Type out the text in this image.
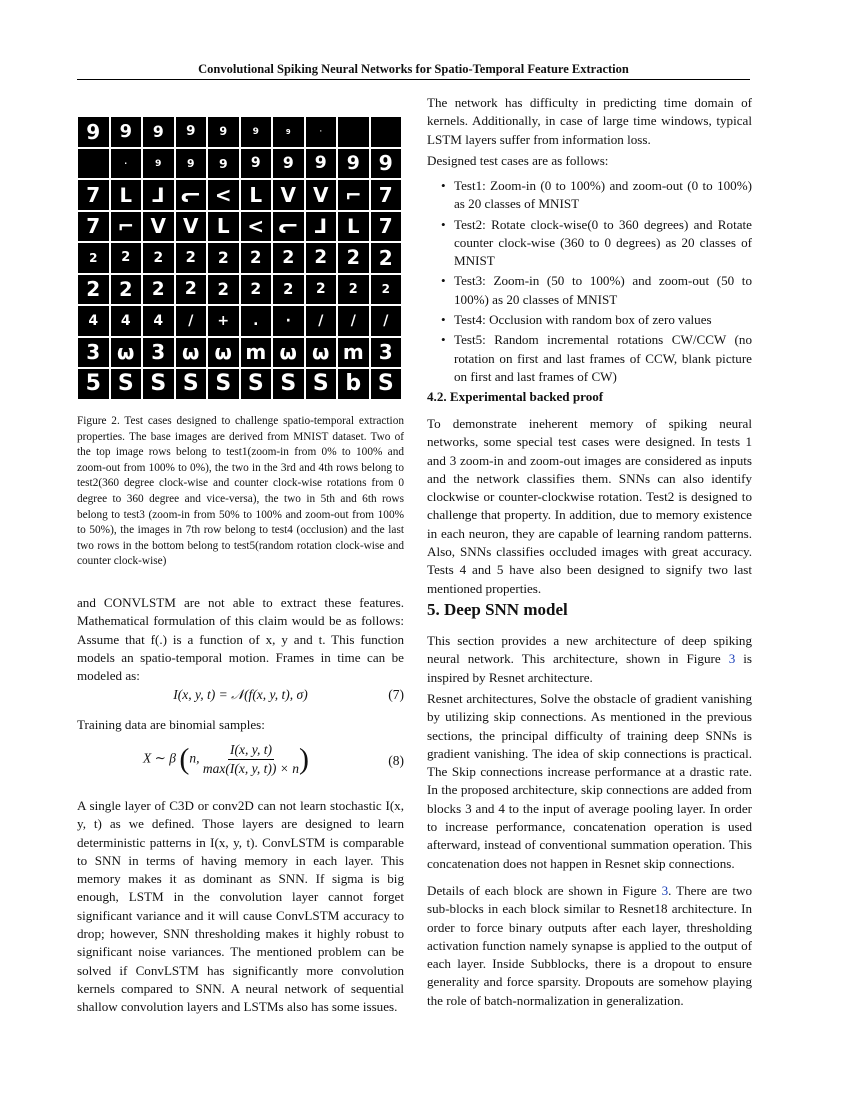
Convolutional Spiking Neural Networks for Spatio-Temporal Feature Extraction
9	9	9	9	9	9	9	·
·	9	9	9	9	9	9	9 9
7 ᒪ ᒧ ᓕ < L V V ⌐ 7
7 ⌐ V V L < ᓕ ᒧ ᒪ 7
2	2	2	2	2	2	2	2	2 2
2 2	2	2	2	2	2	2	2	2
4	4	4	/	+	.	·	/	/	/
3 ω 3 ω ω m ω ω m 3
5 S S S S S S S b S
Figure 2. Test cases designed to challenge spatio-temporal extraction properties. The base images are derived from MNIST dataset. Two of the top image rows belong to test1(zoom-in from 0% to 100% and zoom-out from 100% to 0%), the two in the 3rd and 4th rows belong to test2(360 degree clock-wise and counter clock-wise rotations from 0 degree to 360 degree and vice-versa), the two in 5th and 6th rows belong to test3 (zoom-in from 50% to 100% and zoom-out from 100% to 50%), the images in 7th row belong to test4 (occlusion) and the last two rows in the bottom belong to test5(random rotation clock-wise and counter clock-wise)

and CONVLSTM are not able to extract these features. Mathematical formulation of this claim would be as follows: Assume that f(.) is a function of x, y and t. This function models an spatio-temporal motion. Frames in time can be modeled as:

I(x, y, t) = 𝒩(f(x, y, t), σ)	(7)

Training data are binomial samples:

X ∼ β (n, $\frac{I(x, y, t)}{\max(I(x, y, t)) \times n}$ )	(8)

A single layer of C3D or conv2D can not learn stochastic I(x, y, t) as we defined. Those layers are designed to learn deterministic patterns in I(x, y, t). ConvLSTM is comparable to SNN in terms of having memory in each layer. This memory makes it as dominant as SNN. If sigma is big enough, LSTM in the convolution layer cannot forget significant variance and it will cause ConvLSTM accuracy to drop; however, SNN thresholding makes it highly robust to significant noise variances. The mentioned problem can be solved if ConvLSTM has significantly more convolution kernels compared to SNN. A neural network of sequential shallow convolution layers and LSTMs also has some issues.

The network has difficulty in predicting time domain of kernels. Additionally, in case of large time windows, typical LSTM layers suffer from information loss.

Designed test cases are as follows:

• Test1: Zoom-in (0 to 100%) and zoom-out (0 to 100%) as 20 classes of MNIST
• Test2: Rotate clock-wise(0 to 360 degrees) and Rotate counter clock-wise (360 to 0 degrees) as 20 classes of MNIST
• Test3: Zoom-in (50 to 100%) and zoom-out (50 to 100%) as 20 classes of MNIST
• Test4: Occlusion with random box of zero values
• Test5: Random incremental rotations CW/CCW (no rotation on first and last frames of CCW, blank picture on first and last frames of CW)
4.2. Experimental backed proof

To demonstrate ineherent memory of spiking neural networks, some special test cases were designed. In tests 1 and 3 zoom-in and zoom-out images are considered as inputs and the network classifies them. SNNs can also identify clockwise or counter-clockwise rotation. Test2 is designed to challenge that property. In addition, due to memory existence in each neuron, they are capable of learning random patterns. Also, SNNs classifies occluded images with great accuracy. Tests 4 and 5 have also been designed to signify two last mentioned properties.

5. Deep SNN model

This section provides a new architecture of deep spiking neural network. This architecture, shown in Figure 3 is inspired by Resnet architecture.

Resnet architectures, Solve the obstacle of gradient vanishing by utilizing skip connections. As mentioned in the previous sections, the principal difficulty of training deep SNNs is gradient vanishing. The idea of skip connections is practical. The Skip connections increase performance at a drastic rate. In the proposed architecture, skip connections are added from blocks 3 and 4 to the input of average pooling layer. In order to increase performance, concatenation operation is used afterward, instead of conventional summation operation. This concatenation does not happen in Resnet skip connections.

Details of each block are shown in Figure 3. There are two sub-blocks in each block similar to Resnet18 architecture. In order to force binary outputs after each layer, thresholding activation function namely synapse is applied to the output of each layer. Inside Subblocks, there is a dropout to ensure generality and force sparsity. Dropouts are somehow playing the role of batch-normalization in generalization.
